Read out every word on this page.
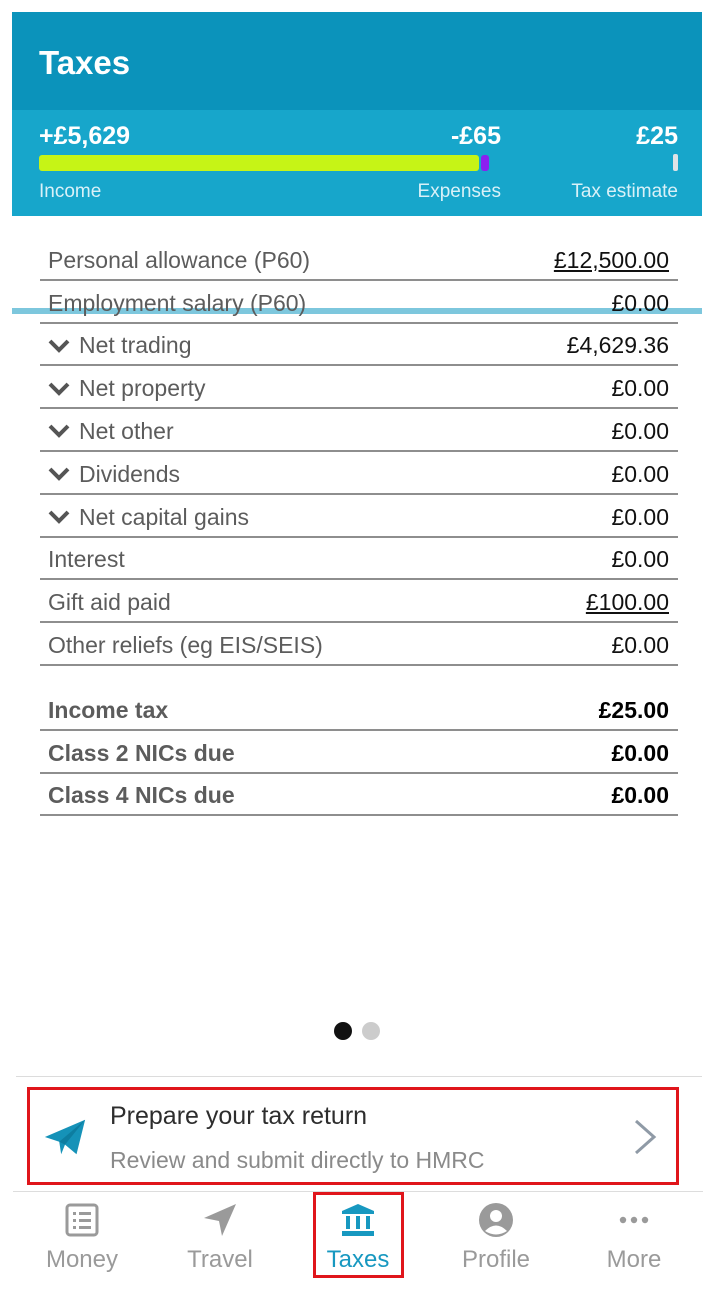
Taxes
+£5,629	-£65	£25
Income	Expenses	Tax estimate
Personal allowance (P60)	£12,500.00
Employment salary (P60)	£0.00
Net trading	£4,629.36
Net property	£0.00
Net other	£0.00
Dividends	£0.00
Net capital gains	£0.00
Interest	£0.00
Gift aid paid	£100.00
Other reliefs (eg EIS/SEIS)	£0.00
Income tax	£25.00
Class 2 NICs due	£0.00
Class 4 NICs due	£0.00
Prepare your tax return
Review and submit directly to HMRC
Money	Travel	Taxes	Profile	More
